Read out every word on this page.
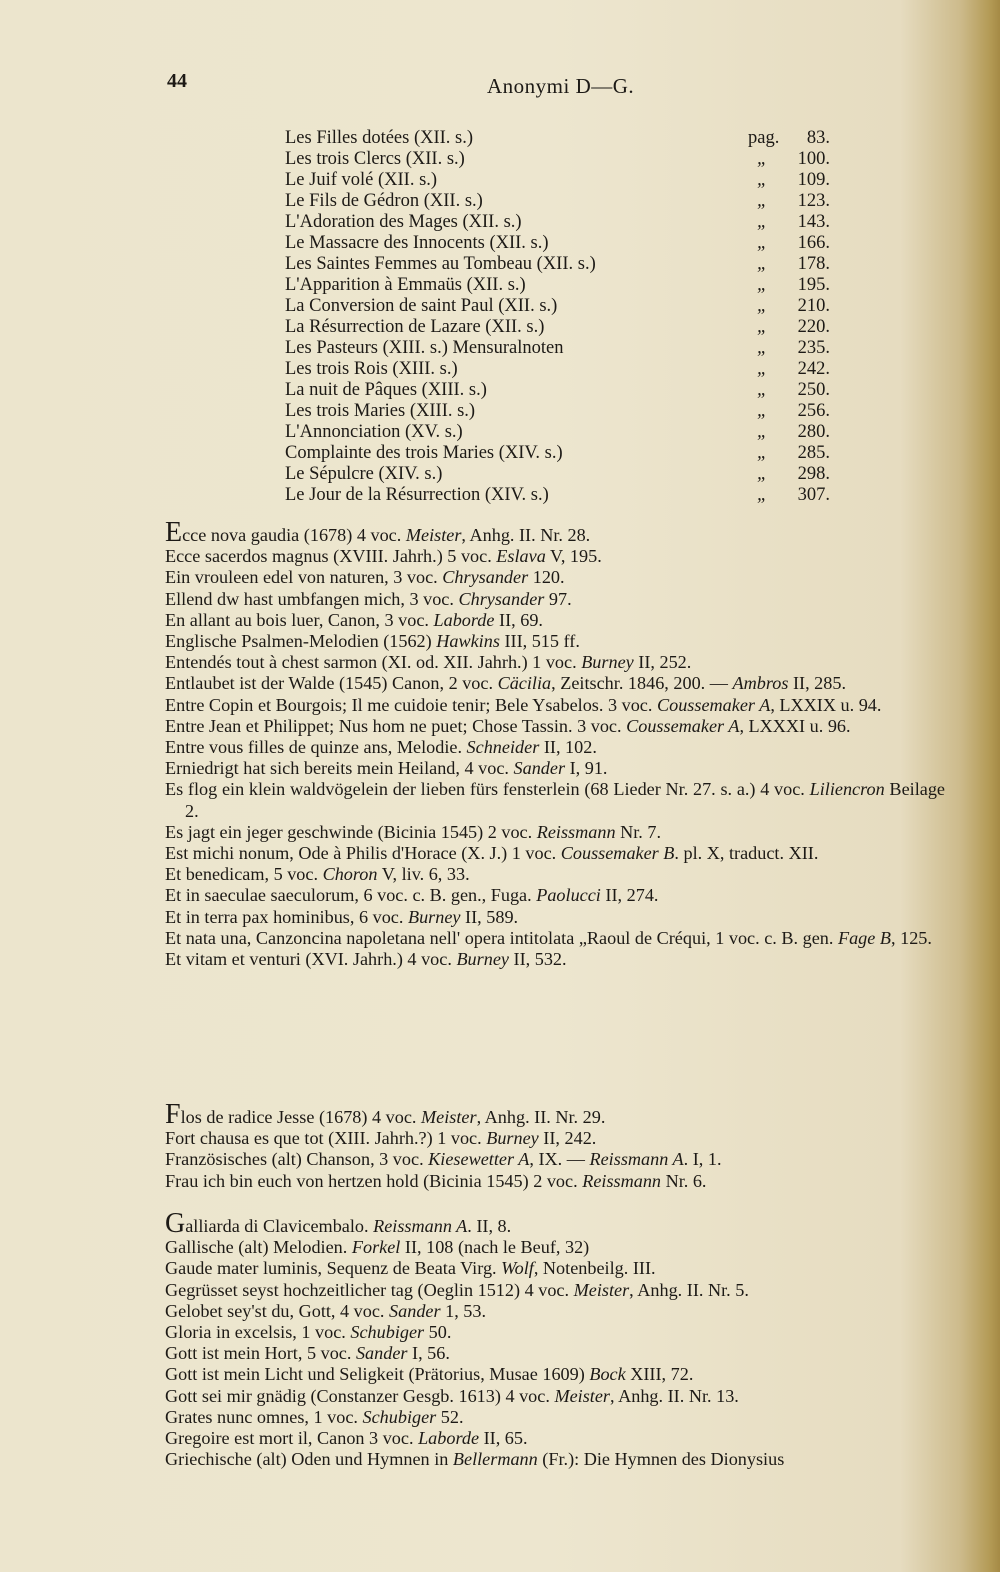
44	Anonymi D—G.
Les Filles dotées (XII. s.)	pag. 83.
Les trois Clercs (XII. s.)	„ 100.
Le Juif volé (XII. s.)	„ 109.
Le Fils de Gédron (XII. s.)	„ 123.
L'Adoration des Mages (XII. s.)	„ 143.
Le Massacre des Innocents (XII. s.)	„ 166.
Les Saintes Femmes au Tombeau (XII. s.)	„ 178.
L'Apparition à Emmaüs (XII. s.)	„ 195.
La Conversion de saint Paul (XII. s.)	„ 210.
La Résurrection de Lazare (XII. s.)	„ 220.
Les Pasteurs (XIII. s.) Mensuralnoten	„ 235.
Les trois Rois (XIII. s.)	„ 242.
La nuit de Pâques (XIII. s.)	„ 250.
Les trois Maries (XIII. s.)	„ 256.
L'Annonciation (XV. s.)	„ 280.
Complainte des trois Maries (XIV. s.)	„ 285.
Le Sépulcre (XIV. s.)	„ 298.
Le Jour de la Résurrection (XIV. s.)	„ 307.
Ecce nova gaudia (1678) 4 voc. Meister, Anhg. II. Nr. 28.
Ecce sacerdos magnus (XVIII. Jahrh.) 5 voc. Eslava V, 195.
Ein vrouleen edel von naturen, 3 voc. Chrysander 120.
Ellend dw hast umbfangen mich, 3 voc. Chrysander 97.
En allant au bois luer, Canon, 3 voc. Laborde II, 69.
Englische Psalmen-Melodien (1562) Hawkins III, 515 ff.
Entendés tout à chest sarmon (XI. od. XII. Jahrh.) 1 voc. Burney II, 252.
Entlaubet ist der Walde (1545) Canon, 2 voc. Cäcilia, Zeitschr. 1846, 200. — Ambros II, 285.
Entre Copin et Bourgois; Il me cuidoie tenir; Bele Ysabelos. 3 voc. Coussemaker A, LXXIX u. 94.
Entre Jean et Philippet; Nus hom ne puet; Chose Tassin. 3 voc. Coussemaker A, LXXXI u. 96.
Entre vous filles de quinze ans, Melodie. Schneider II, 102.
Erniedrigt hat sich bereits mein Heiland, 4 voc. Sander I, 91.
Es flog ein klein waldvögelein der lieben fürs fensterlein (68 Lieder Nr. 27. s. a.) 4 voc. Liliencron Beilage 2.
Es jagt ein jeger geschwinde (Bicinia 1545) 2 voc. Reissmann Nr. 7.
Est michi nonum, Ode à Philis d'Horace (X. J.) 1 voc. Coussemaker B. pl. X, traduct. XII.
Et benedicam, 5 voc. Choron V, liv. 6, 33.
Et in saeculae saeculorum, 6 voc. c. B. gen., Fuga. Paolucci II, 274.
Et in terra pax hominibus, 6 voc. Burney II, 589.
Et nata una, Canzoncina napoletana nell' opera intitolata „Raoul de Créqui, 1 voc. c. B. gen. Fage B, 125.
Et vitam et venturi (XVI. Jahrh.) 4 voc. Burney II, 532.
Flos de radice Jesse (1678) 4 voc. Meister, Anhg. II. Nr. 29.
Fort chausa es que tot (XIII. Jahrh.?) 1 voc. Burney II, 242.
Französisches (alt) Chanson, 3 voc. Kiesewetter A, IX. — Reissmann A. I, 1.
Frau ich bin euch von hertzen hold (Bicinia 1545) 2 voc. Reissmann Nr. 6.
Galliarda di Clavicembalo. Reissmann A. II, 8.
Gallische (alt) Melodien. Forkel II, 108 (nach le Beuf, 32)
Gaude mater luminis, Sequenz de Beata Virg. Wolf, Notenbeilg. III.
Gegrüsset seyst hochzeitlicher tag (Oeglin 1512) 4 voc. Meister, Anhg. II. Nr. 5.
Gelobet sey'st du, Gott, 4 voc. Sander 1, 53.
Gloria in excelsis, 1 voc. Schubiger 50.
Gott ist mein Hort, 5 voc. Sander I, 56.
Gott ist mein Licht und Seligkeit (Prätorius, Musae 1609) Bock XIII, 72.
Gott sei mir gnädig (Constanzer Gesgb. 1613) 4 voc. Meister, Anhg. II. Nr. 13.
Grates nunc omnes, 1 voc. Schubiger 52.
Gregoire est mort il, Canon 3 voc. Laborde II, 65.
Griechische (alt) Oden und Hymnen in Bellermann (Fr.): Die Hymnen des Dionysius
